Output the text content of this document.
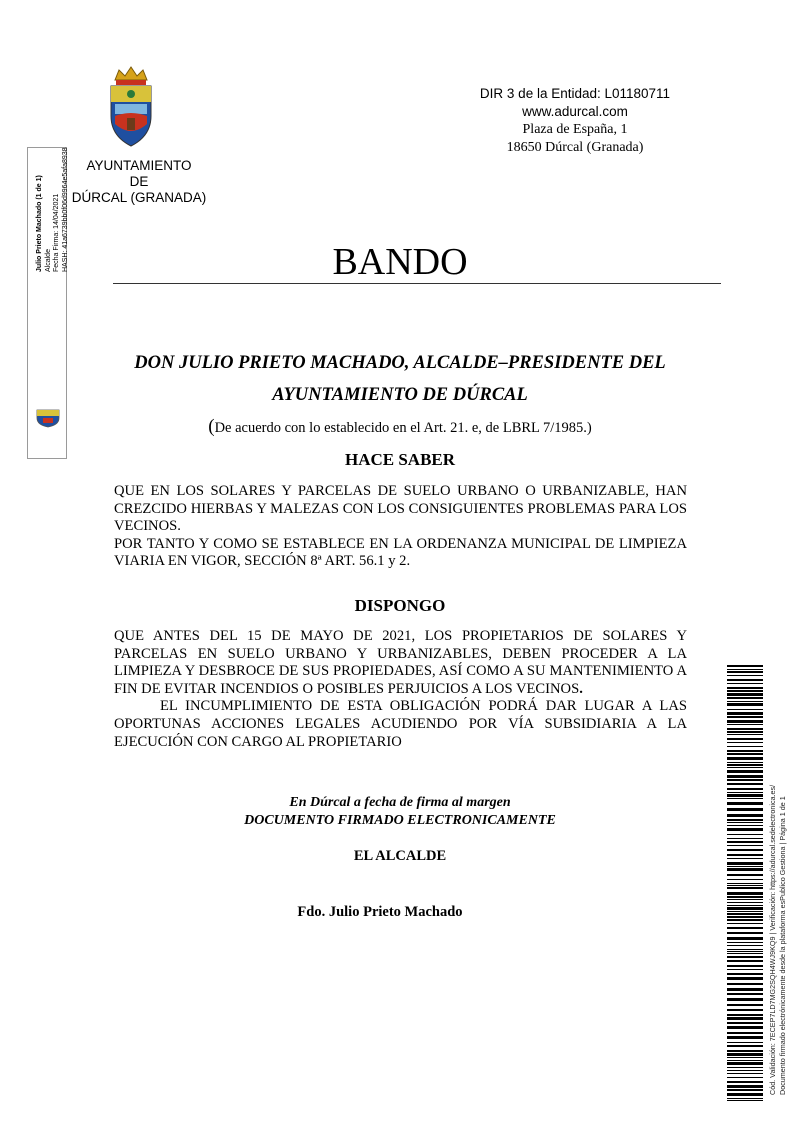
AYUNTAMIENTO
DE
DÚRCAL (GRANADA)
DIR 3 de la Entidad: L01180711
www.adurcal.com
Plaza de España, 1
18650 Dúrcal (Granada)
Julio Prieto Machado (1 de 1) Alcalde Fecha Firma: 14/04/2021 HASH: 41a6739bb0f06d9964e5afa8938	BANDO
DON JULIO PRIETO MACHADO, ALCALDE–PRESIDENTE DEL
AYUNTAMIENTO DE DÚRCAL
(De acuerdo con lo establecido en el Art. 21. e, de LBRL 7/1985.)
HACE SABER

QUE EN LOS SOLARES Y PARCELAS DE SUELO URBANO O URBANIZABLE, HAN CREZCIDO HIERBAS Y MALEZAS CON LOS CONSIGUIENTES PROBLEMAS PARA LOS VECINOS.

POR TANTO Y COMO SE ESTABLECE EN LA ORDENANZA MUNICIPAL DE LIMPIEZA VIARIA EN VIGOR, SECCIÓN 8ª ART. 56.1 y 2.

DISPONGO

QUE ANTES DEL 15 DE MAYO DE 2021, LOS PROPIETARIOS DE SOLARES Y PARCELAS EN SUELO URBANO Y URBANIZABLES, DEBEN PROCEDER A LA LIMPIEZA Y DESBROCE DE SUS PROPIEDADES, ASÍ COMO A SU MANTENIMIENTO A FIN DE EVITAR INCENDIOS O POSIBLES PERJUICIOS A LOS VECINOS.

EL INCUMPLIMIENTO DE ESTA OBLIGACIÓN PODRÁ DAR LUGAR A LAS OPORTUNAS ACCIONES LEGALES ACUDIENDO POR VÍA SUBSIDIARIA A LA EJECUCIÓN CON CARGO AL PROPIETARIO

En Dúrcal a fecha de firma al margen
DOCUMENTO FIRMADO ELECTRONICAMENTE
EL ALCALDE
Fdo. Julio Prieto Machado	Cód. Validación: 7ECEP7LD7MG2SQH4WJ9KQ9 | Verificación: https://adurcal.sedelectronica.es/ Documento firmado electrónicamente desde la plataforma esPublico Gestiona | Página 1 de 1
